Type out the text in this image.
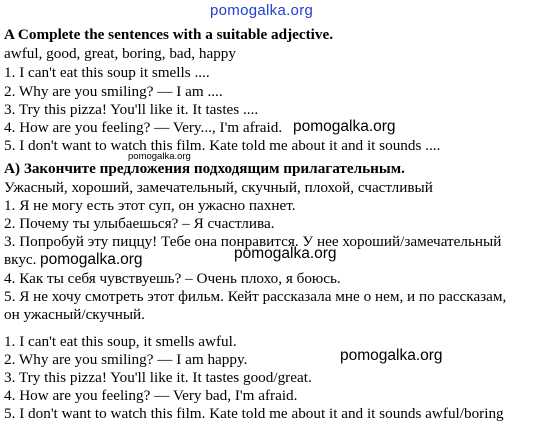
pomogalka.org
A Complete the sentences with a suitable adjective.
awful, good, great, boring, bad, happy
1. I can't eat this soup it smells ....
2. Why are you smiling? — I am ....
3. Try this pizza! You'll like it. It tastes ....
4. How are you feeling? — Very..., I'm afraid.
5. I don't want to watch this film. Kate told me about it and it sounds ....
pomogalka.org
pomogalka.org
А) Закончите предложения подходящим прилагательным.
Ужасный, хороший, замечательный, скучный, плохой, счастливый
1. Я не могу есть этот суп, он ужасно пахнет.
2. Почему ты улыбаешься? – Я счастлива.
3. Попробуй эту пиццу! Тебе она понравится. У нее хороший/замечательный
вкус. pomogalka.org	pomogalka.org
4. Как ты себя чувствуешь? – Очень плохо, я боюсь.
5. Я не хочу смотреть этот фильм. Кейт рассказала мне о нем, и по рассказам,
он ужасный/скучный.
1. I can't eat this soup, it smells awful.
2. Why are you smiling? — I am happy.
3. Try this pizza! You'll like it. It tastes good/great.
4. How are you feeling? — Very bad, I'm afraid.
5. I don't want to watch this film. Kate told me about it and it sounds awful/boring
pomogalka.org
